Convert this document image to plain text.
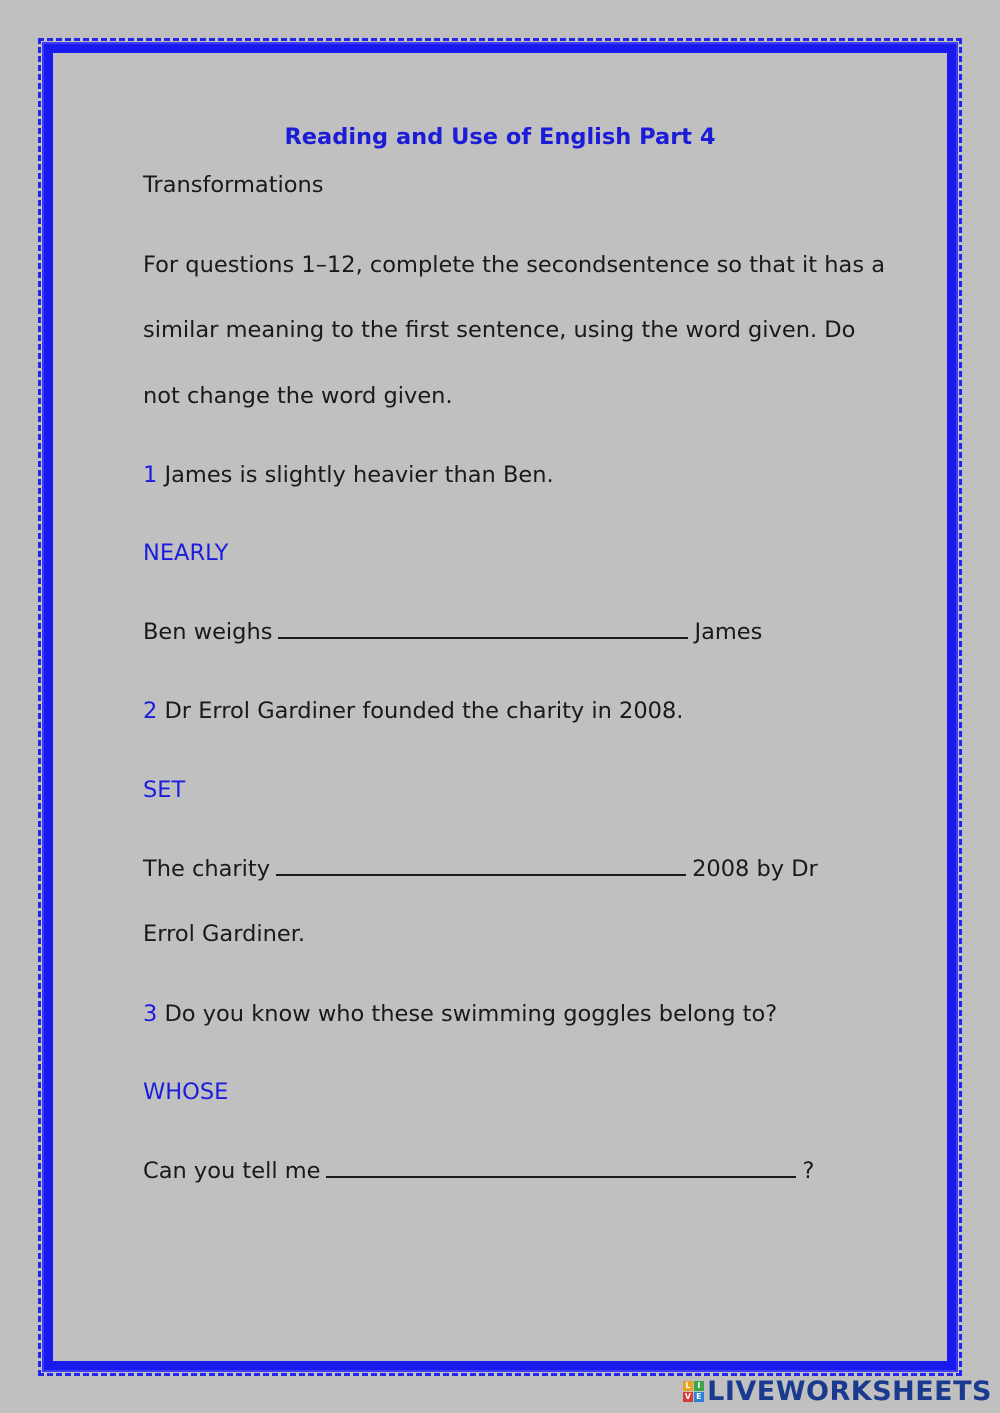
Reading and Use of English Part 4
Transformations
For questions 1–12, complete the secondsentence so that it has a
similar meaning to the first sentence, using the word given. Do
not change the word given.
1 James is slightly heavier than Ben.
NEARLY
Ben weighs	James
2 Dr Errol Gardiner founded the charity in 2008.
SET
The charity	2008 by Dr
Errol Gardiner.
3 Do you know who these swimming goggles belong to?
WHOSE
Can you tell me	?
L I
V E LIVEWORKSHEETS
